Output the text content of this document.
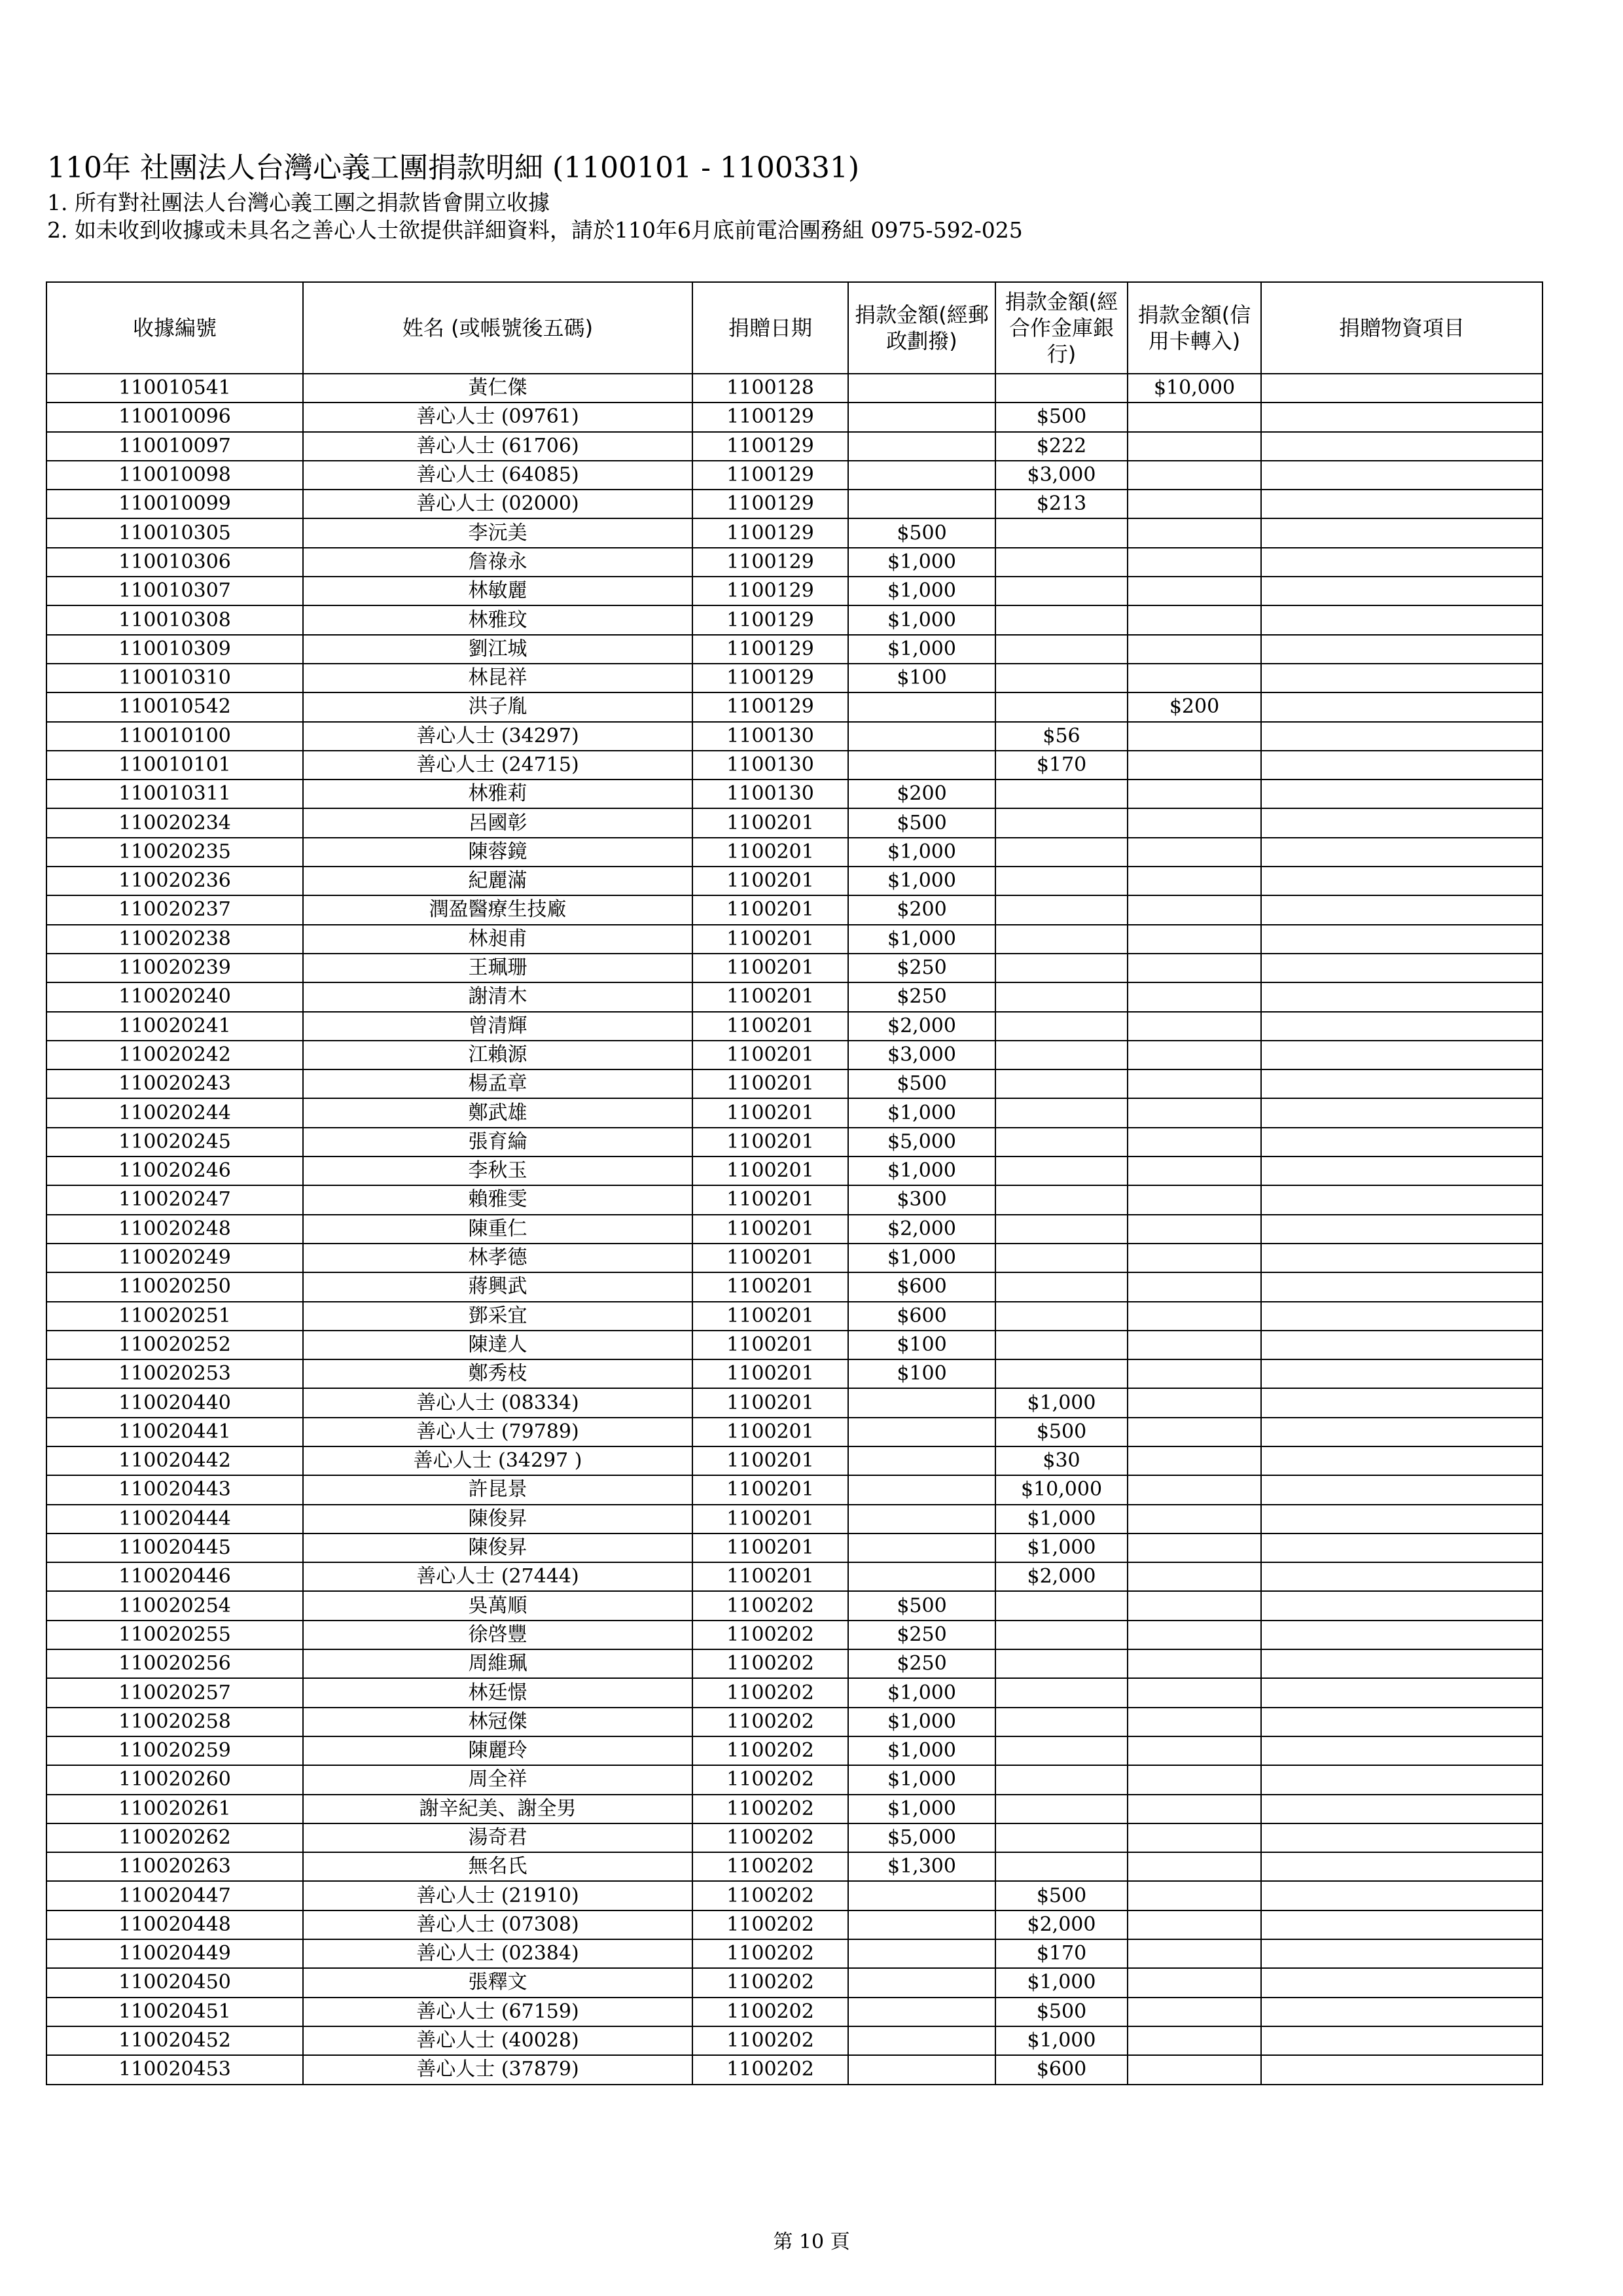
110年 社團法人台灣心義工團捐款明細 (1100101 - 1100331)
1. 所有對社團法人台灣心義工團之捐款皆會開立收據
2. 如未收到收據或未具名之善心人士欲提供詳細資料，請於110年6月底前電洽團務組 0975-592-025
收據編號	姓名 (或帳號後五碼)	捐贈日期	捐款金額(經郵政劃撥)	捐款金額(經合作金庫銀行)	捐款金額(信用卡轉入)	捐贈物資項目
110010541	黃仁傑	1100128			$10,000	
110010096	善心人士 (09761)	1100129		$500		
110010097	善心人士 (61706)	1100129		$222		
110010098	善心人士 (64085)	1100129		$3,000		
110010099	善心人士 (02000)	1100129		$213		
110010305	李沅美	1100129	$500			
110010306	詹祿永	1100129	$1,000			
110010307	林敏麗	1100129	$1,000			
110010308	林雅玟	1100129	$1,000			
110010309	劉江城	1100129	$1,000			
110010310	林昆祥	1100129	$100			
110010542	洪子胤	1100129			$200	
110010100	善心人士 (34297)	1100130		$56		
110010101	善心人士 (24715)	1100130		$170		
110010311	林雅莉	1100130	$200			
110020234	呂國彰	1100201	$500			
110020235	陳蓉鏡	1100201	$1,000			
110020236	紀麗滿	1100201	$1,000			
110020237	潤盈醫療生技廠	1100201	$200			
110020238	林昶甫	1100201	$1,000			
110020239	王珮珊	1100201	$250			
110020240	謝清木	1100201	$250			
110020241	曾清輝	1100201	$2,000			
110020242	江賴源	1100201	$3,000			
110020243	楊孟章	1100201	$500			
110020244	鄭武雄	1100201	$1,000			
110020245	張育綸	1100201	$5,000			
110020246	李秋玉	1100201	$1,000			
110020247	賴雅雯	1100201	$300			
110020248	陳重仁	1100201	$2,000			
110020249	林孝德	1100201	$1,000			
110020250	蔣興武	1100201	$600			
110020251	鄧采宜	1100201	$600			
110020252	陳達人	1100201	$100			
110020253	鄭秀枝	1100201	$100			
110020440	善心人士 (08334)	1100201		$1,000		
110020441	善心人士 (79789)	1100201		$500		
110020442	善心人士 (34297 )	1100201		$30		
110020443	許昆景	1100201		$10,000		
110020444	陳俊昇	1100201		$1,000		
110020445	陳俊昇	1100201		$1,000		
110020446	善心人士 (27444)	1100201		$2,000		
110020254	吳萬順	1100202	$500			
110020255	徐啓豐	1100202	$250			
110020256	周維珮	1100202	$250			
110020257	林廷憬	1100202	$1,000			
110020258	林冠傑	1100202	$1,000			
110020259	陳麗玲	1100202	$1,000			
110020260	周全祥	1100202	$1,000			
110020261	謝辛紀美、謝全男	1100202	$1,000			
110020262	湯奇君	1100202	$5,000			
110020263	無名氏	1100202	$1,300			
110020447	善心人士 (21910)	1100202		$500		
110020448	善心人士 (07308)	1100202		$2,000		
110020449	善心人士 (02384)	1100202		$170		
110020450	張釋文	1100202		$1,000		
110020451	善心人士 (67159)	1100202		$500		
110020452	善心人士 (40028)	1100202		$1,000		
110020453	善心人士 (37879)	1100202		$600		
第 10 頁
